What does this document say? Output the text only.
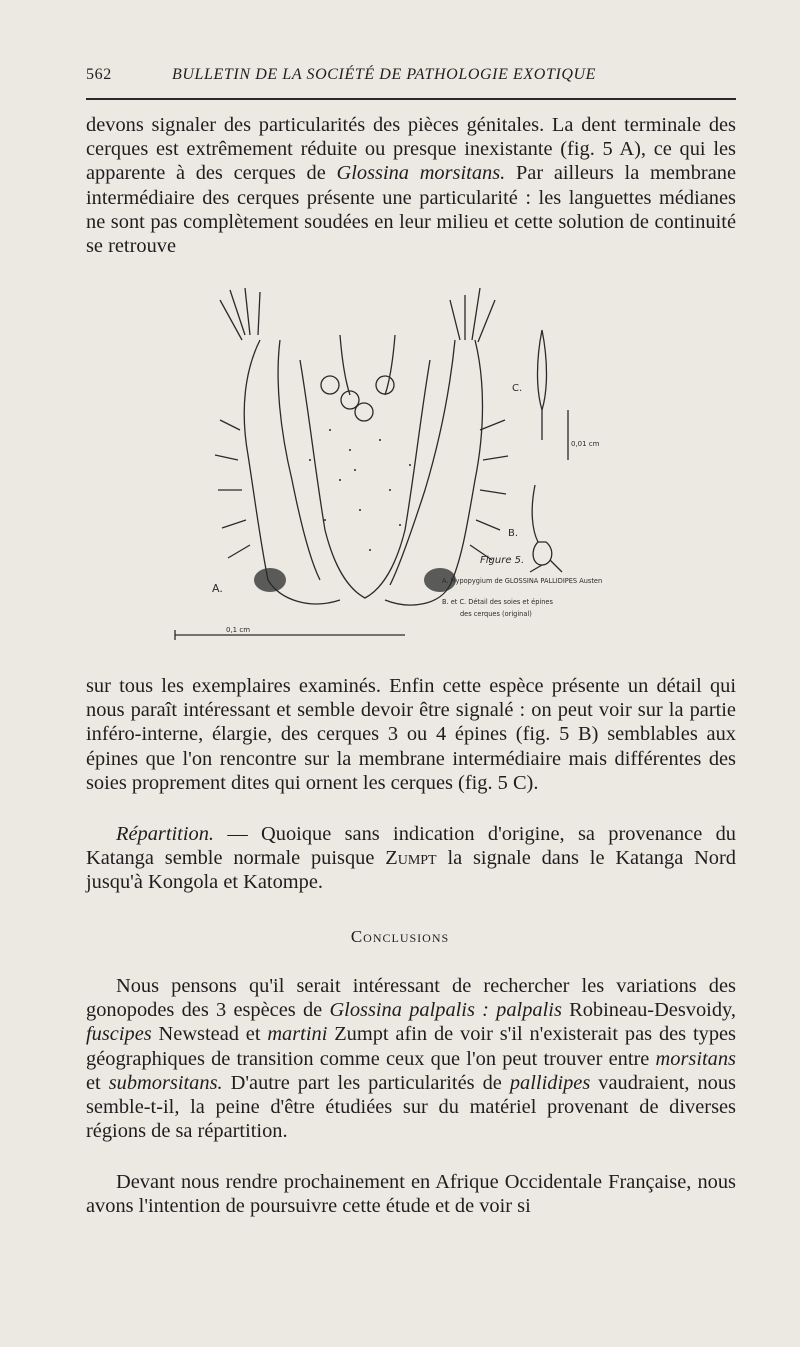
562	BULLETIN DE LA SOCIÉTÉ DE PATHOLOGIE EXOTIQUE

devons signaler des particularités des pièces génitales. La dent terminale des cerques est extrêmement réduite ou presque inexistante (fig. 5 A), ce qui les apparente à des cerques de Glossina morsitans. Par ailleurs la membrane intermédiaire des cerques présente une particularité : les languettes médianes ne sont pas complètement soudées en leur milieu et cette solution de continuité se retrouve

A.
C.
B.
0,01 cm
0,1 cm
Figure 5.
A. Hypopygium de GLOSSINA PALLIDIPES Austen
B. et C. Détail des soies et épines
des cerques (original)

sur tous les exemplaires examinés. Enfin cette espèce présente un détail qui nous paraît intéressant et semble devoir être signalé : on peut voir sur la partie inféro-interne, élargie, des cerques 3 ou 4 épines (fig. 5 B) semblables aux épines que l'on rencontre sur la membrane intermédiaire mais différentes des soies proprement dites qui ornent les cerques (fig. 5 C).

Répartition. — Quoique sans indication d'origine, sa provenance du Katanga semble normale puisque Zumpt la signale dans le Katanga Nord jusqu'à Kongola et Katompe.

Conclusions

Nous pensons qu'il serait intéressant de rechercher les variations des gonopodes des 3 espèces de Glossina palpalis : palpalis Robineau-Desvoidy, fuscipes Newstead et martini Zumpt afin de voir s'il n'existerait pas des types géographiques de transition comme ceux que l'on peut trouver entre morsitans et submorsitans. D'autre part les particularités de pallidipes vaudraient, nous semble-t-il, la peine d'être étudiées sur du matériel provenant de diverses régions de sa répartition.

Devant nous rendre prochainement en Afrique Occidentale Française, nous avons l'intention de poursuivre cette étude et de voir si
